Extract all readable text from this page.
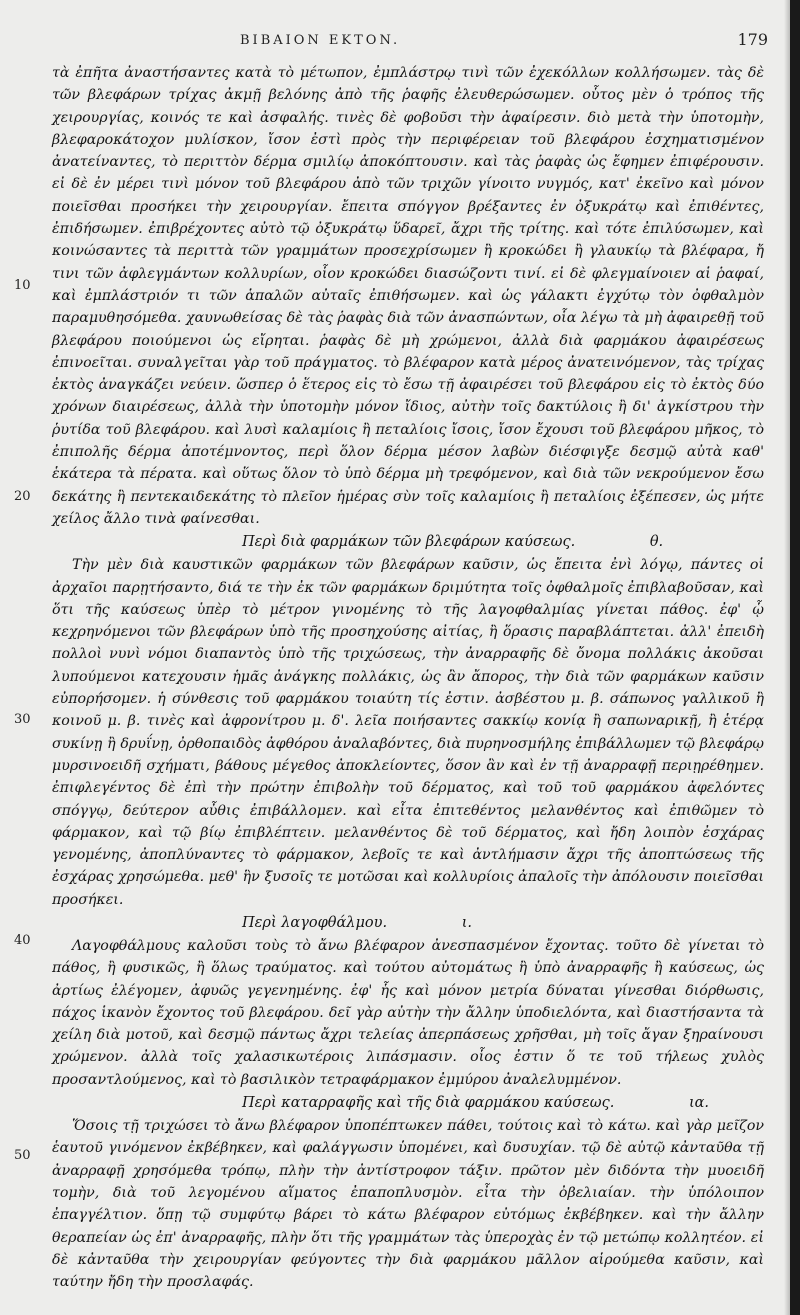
BIBAION EKTON.	179
10
20
30
40
50

τὰ ἐπῆτα ἀναστήσαντες κατὰ τὸ μέτωπον, ἐμπλάστρῳ τινὶ τῶν ἐχεκόλλων κολλήσωμεν. τὰς δὲ τῶν βλεφάρων τρίχας ἀκμῇ βελόνης ἀπὸ τῆς ῥαφῆς ἐλευθερώσωμεν. οὗτος μὲν ὁ τρόπος τῆς χειρουργίας, κοινός τε καὶ ἀσφαλής. τινὲς δὲ φοβοῦσι τὴν ἀφαίρεσιν. διὸ μετὰ τὴν ὑποτομὴν, βλεφαροκάτοχον μυλίσκον, ἴσον ἐστὶ πρὸς τὴν περιφέρειαν τοῦ βλεφάρου ἐσχηματισμένον ἀνατείναντες, τὸ περιττὸν δέρμα σμιλίῳ ἀποκόπτουσιν. καὶ τὰς ῥαφὰς ὡς ἔφημεν ἐπιφέρουσιν. εἰ δὲ ἐν μέρει τινὶ μόνον τοῦ βλεφάρου ἀπὸ τῶν τριχῶν γίνοιτο νυγμός, κατ' ἐκεῖνο καὶ μόνον ποιεῖσθαι προσήκει τὴν χειρουργίαν. ἔπειτα σπόγγον βρέξαντες ἐν ὀξυκράτῳ καὶ ἐπιθέντες, ἐπιδήσωμεν. ἐπιβρέχοντες αὐτὸ τῷ ὀξυκράτῳ ὕδαρεῖ, ἄχρι τῆς τρίτης. καὶ τότε ἐπιλύσωμεν, καὶ κοινώσαντες τὰ περιττὰ τῶν γραμμάτων προσεχρίσωμεν ἢ κροκώδει ἢ γλαυκίῳ τὰ βλέφαρα, ἤ τινι τῶν ἀφλεγμάντων κολλυρίων, οἷον κροκώδει διασώζοντι τινί. εἰ δὲ φλεγμαίνοιεν αἱ ῥαφαί, καὶ ἐμπλάστριόν τι τῶν ἁπαλῶν αὐταῖς ἐπιθήσωμεν. καὶ ὡς γάλακτι ἐγχύτῳ τὸν ὀφθαλμὸν παραμυθησόμεθα. χαυνωθείσας δὲ τὰς ῥαφὰς διὰ τῶν ἀνασπώντων, οἷα λέγω τὰ μὴ ἀφαιρεθῇ τοῦ βλεφάρου ποιούμενοι ὡς εἴρηται. ῥαφὰς δὲ μὴ χρώμενοι, ἀλλὰ διὰ φαρμάκου ἀφαιρέσεως ἐπινοεῖται. συναλγεῖται γὰρ τοῦ πράγματος. τὸ βλέφαρον κατὰ μέρος ἀνατεινόμενον, τὰς τρίχας ἐκτὸς ἀναγκάζει νεύειν. ὥσπερ ὁ ἕτερος εἰς τὸ ἔσω τῇ ἀφαιρέσει τοῦ βλεφάρου εἰς τὸ ἐκτὸς δύο χρόνων διαιρέσεως, ἀλλὰ τὴν ὑποτομὴν μόνον ἴδιος, αὐτὴν τοῖς δακτύλοις ἢ δι' ἀγκίστρου τὴν ῥυτίδα τοῦ βλεφάρου. καὶ λυσὶ καλαμίοις ἢ πεταλίοις ἴσοις, ἴσον ἔχουσι τοῦ βλεφάρου μῆκος, τὸ ἐπιπολῆς δέρμα ἀποτέμνοντος, περὶ ὅλον δέρμα μέσον λαβὼν διέσφιγξε δεσμῷ αὐτὰ καθ' ἑκάτερα τὰ πέρατα. καὶ οὕτως ὅλον τὸ ὑπὸ δέρμα μὴ τρεφόμενον, καὶ διὰ τῶν νεκρούμενον ἔσω δεκάτης ἢ πεντεκαιδεκάτης τὸ πλεῖον ἡμέρας σὺν τοῖς καλαμίοις ἢ πεταλίοις ἐξέπεσεν, ὡς μήτε χείλος ἄλλο τινὰ φαίνεσθαι.

Περὶ διὰ φαρμάκων τῶν βλεφάρων καύσεως.	θ.

Τὴν μὲν διὰ καυστικῶν φαρμάκων τῶν βλεφάρων καῦσιν, ὡς ἔπειτα ἐνὶ λόγῳ, πάντες οἱ ἀρχαῖοι παρῃτήσαντο, διά τε τὴν ἐκ τῶν φαρμάκων δριμύτητα τοῖς ὀφθαλμοῖς ἐπιβλαβοῦσαν, καὶ ὅτι τῆς καύσεως ὑπὲρ τὸ μέτρον γινομένης τὸ τῆς λαγοφθαλμίας γίνεται πάθος. ἐφ' ᾧ κεχρηνόμενοι τῶν βλεφάρων ὑπὸ τῆς προσηχούσης αἰτίας, ἢ ὅρασις παραβλάπτεται. ἀλλ' ἐπειδὴ πολλοὶ νυνὶ νόμοι διαπαντὸς ὑπὸ τῆς τριχώσεως, τὴν ἀναρραφῆς δὲ ὄνομα πολλάκις ἀκοῦσαι λυπούμενοι κατεχουσιν ἡμᾶς ἀνάγκης πολλάκις, ὡς ἂν ἄπορος, τὴν διὰ τῶν φαρμάκων καῦσιν εὐπορήσομεν. ἡ σύνθεσις τοῦ φαρμάκου τοιαύτη τίς ἐστιν. ἀσβέστου μ. β. σάπωνος γαλλικοῦ ἢ κοινοῦ μ. β. τινὲς καὶ ἀφρονίτρου μ. δ'. λεῖα ποιήσαντες σακκίῳ κονίᾳ ἢ σαπωναρικῇ, ἢ ἑτέρᾳ συκίνῃ ἢ δρυΐνῃ, ὀρθοπαιδὸς ἀφθόρου ἀναλαβόντες, διὰ πυρηνοσμήλης ἐπιβάλλωμεν τῷ βλεφάρῳ μυρσινοειδῆ σχήματι, βάθους μέγεθος ἀποκλείοντες, ὅσον ἂν καὶ ἐν τῇ ἀναρραφῇ περιῃρέθημεν. ἐπιφλεγέντος δὲ ἐπὶ τὴν πρώτην ἐπιβολὴν τοῦ δέρματος, καὶ τοῦ τοῦ φαρμάκου ἀφελόντες σπόγγῳ, δεύτερον αὖθις ἐπιβάλλομεν. καὶ εἶτα ἐπιτεθέντος μελανθέντος καὶ ἐπιθῶμεν τὸ φάρμακον, καὶ τῷ βίῳ ἐπιβλέπτειν. μελανθέντος δὲ τοῦ δέρματος, καὶ ἤδη λοιπὸν ἐσχάρας γενομένης, ἀποπλύναντες τὸ φάρμακον, λεβοῖς τε καὶ ἀντλήμασιν ἄχρι τῆς ἀποπτώσεως τῆς ἐσχάρας χρησώμεθα. μεθ' ἣν ξυσοῖς τε μοτῶσαι καὶ κολλυρίοις ἀπαλοῖς τὴν ἀπόλουσιν ποιεῖσθαι προσήκει.

Περὶ λαγοφθάλμου.	ι.

Λαγοφθάλμους καλοῦσι τοὺς τὸ ἄνω βλέφαρον ἀνεσπασμένον ἔχοντας. τοῦτο δὲ γίνεται τὸ πάθος, ἢ φυσικῶς, ἢ ὅλως τραύματος. καὶ τούτου αὐτομάτως ἢ ὑπὸ ἀναρραφῆς ἢ καύσεως, ὡς ἀρτίως ἐλέγομεν, ἀφυῶς γεγενημένης. ἐφ' ἧς καὶ μόνον μετρία δύναται γίνεσθαι διόρθωσις, πάχος ἱκανὸν ἔχοντος τοῦ βλεφάρου. δεῖ γὰρ αὐτὴν τὴν ἄλλην ὑποδιελόντα, καὶ διαστήσαντα τὰ χείλη διὰ μοτοῦ, καὶ δεσμῷ πάντως ἄχρι τελείας ἀπερπάσεως χρῆσθαι, μὴ τοῖς ἄγαν ξηραίνουσι χρώμενον. ἀλλὰ τοῖς χαλασικωτέροις λιπάσμασιν. οἷος ἐστιν ὅ τε τοῦ τήλεως χυλὸς προσαντλούμενος, καὶ τὸ βασιλικὸν τετραφάρμακον ἐμμύρου ἀναλελυμμένον.

Περὶ καταρραφῆς καὶ τῆς διὰ φαρμάκου καύσεως.	ια.

Ὅσοις τῇ τριχώσει τὸ ἄνω βλέφαρον ὑποπέπτωκεν πάθει, τούτοις καὶ τὸ κάτω. καὶ γὰρ μεῖζον ἑαυτοῦ γινόμενον ἐκβέβηκεν, καὶ φαλάγγωσιν ὑπομένει, καὶ δυσυχίαν. τῷ δὲ αὐτῷ κἀνταῦθα τῇ ἀναρραφῇ χρησόμεθα τρόπῳ, πλὴν τὴν ἀντίστροφον τάξιν. πρῶτον μὲν διδόντα τὴν μυοειδῆ τομὴν, διὰ τοῦ λεγομένου αἵματος ἐπαποπλυσμὸν. εἶτα τὴν ὀβελιαίαν. τὴν ὑπόλοιπον ἐπαγγέλτιον. ὅπῃ τῷ συμφύτῳ βάρει τὸ κάτω βλέφαρον εὐτόμως ἐκβέβηκεν. καὶ τὴν ἄλλην θεραπείαν ὡς ἐπ' ἀναρραφῆς, πλὴν ὅτι τῆς γραμμάτων τὰς ὑπεροχὰς ἐν τῷ μετώπῳ κολλητέον. εἰ δὲ κἀνταῦθα τὴν χειρουργίαν φεύγοντες τὴν διὰ φαρμάκου μᾶλλον αἱρούμεθα καῦσιν, καὶ ταύτην ἤδη τὴν προσλαφάς.
